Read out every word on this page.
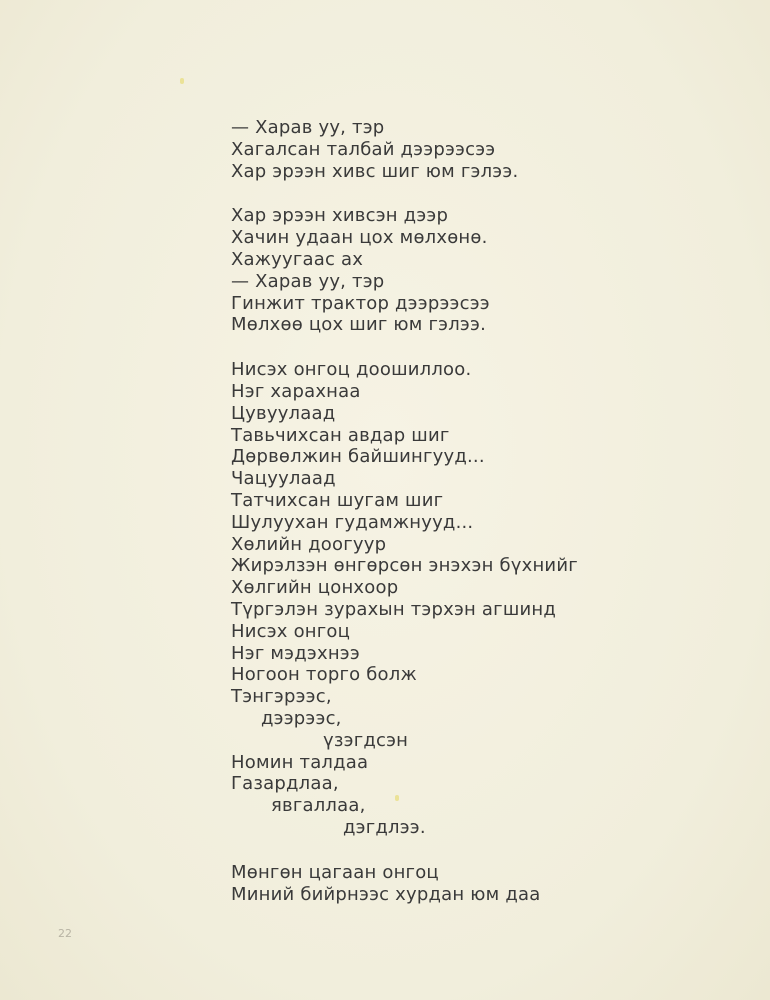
— Харав уу, тэр
Хагалсан талбай дээрээсээ
Хар эрээн хивс шиг юм гэлээ.
Хар эрээн хивсэн дээр
Хачин удаан цох мөлхөнө.
Хажуугаас ах
— Харав уу, тэр
Гинжит трактор дээрээсээ
Мөлхөө цох шиг юм гэлээ.
Нисэх онгоц доошиллоо.
Нэг харахнаа
Цувуулаад
Тавьчихсан авдар шиг
Дөрвөлжин байшингууд...
Чацуулаад
Татчихсан шугам шиг
Шулуухан гудамжнууд...
Хөлийн доогуур
Жирэлзэн өнгөрсөн энэхэн бүхнийг
Хөлгийн цонхоор
Түргэлэн зурахын тэрхэн агшинд
Нисэх онгоц
Нэг мэдэхнээ
Ногоон торго болж
Тэнгэрээс,
дээрээс,
үзэгдсэн
Номин талдаа
Газардлаа,
явгаллаа,
дэгдлээ.
Мөнгөн цагаан онгоц
Миний бийрнээс хурдан юм даа
22
